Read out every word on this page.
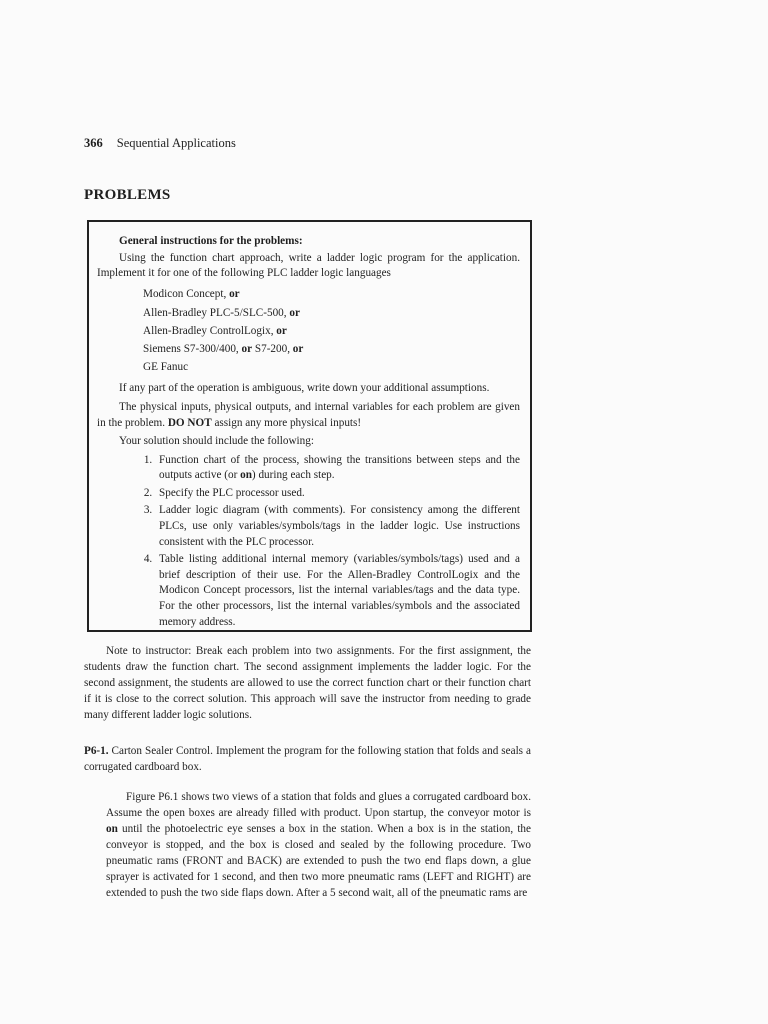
366 Sequential Applications
PROBLEMS

General instructions for the problems:

Using the function chart approach, write a ladder logic program for the application. Implement it for one of the following PLC ladder logic languages

Modicon Concept, or

Allen-Bradley PLC-5/SLC-500, or

Allen-Bradley ControlLogix, or

Siemens S7-300/400, or S7-200, or

GE Fanuc

If any part of the operation is ambiguous, write down your additional assumptions.

The physical inputs, physical outputs, and internal variables for each problem are given in the problem. DO NOT assign any more physical inputs!

Your solution should include the following:

1. Function chart of the process, showing the transitions between steps and the outputs active (or on) during each step.
2. Specify the PLC processor used.
3. Ladder logic diagram (with comments). For consistency among the different PLCs, use only variables/symbols/tags in the ladder logic. Use instructions consistent with the PLC processor.
4. Table listing additional internal memory (variables/symbols/tags) used and a brief description of their use. For the Allen-Bradley ControlLogix and the Modicon Concept processors, list the internal variables/tags and the data type. For the other processors, list the internal variables/symbols and the associated memory address.

Note to instructor: Break each problem into two assignments. For the first assignment, the students draw the function chart. The second assignment implements the ladder logic. For the second assignment, the students are allowed to use the correct function chart or their function chart if it is close to the correct solution. This approach will save the instructor from needing to grade many different ladder logic solutions.

P6-1. Carton Sealer Control. Implement the program for the following station that folds and seals a corrugated cardboard box.

Figure P6.1 shows two views of a station that folds and glues a corrugated cardboard box. Assume the open boxes are already filled with product. Upon startup, the conveyor motor is on until the photoelectric eye senses a box in the station. When a box is in the station, the conveyor is stopped, and the box is closed and sealed by the following procedure. Two pneumatic rams (FRONT and BACK) are extended to push the two end flaps down, a glue sprayer is activated for 1 second, and then two more pneumatic rams (LEFT and RIGHT) are extended to push the two side flaps down. After a 5 second wait, all of the pneumatic rams are
